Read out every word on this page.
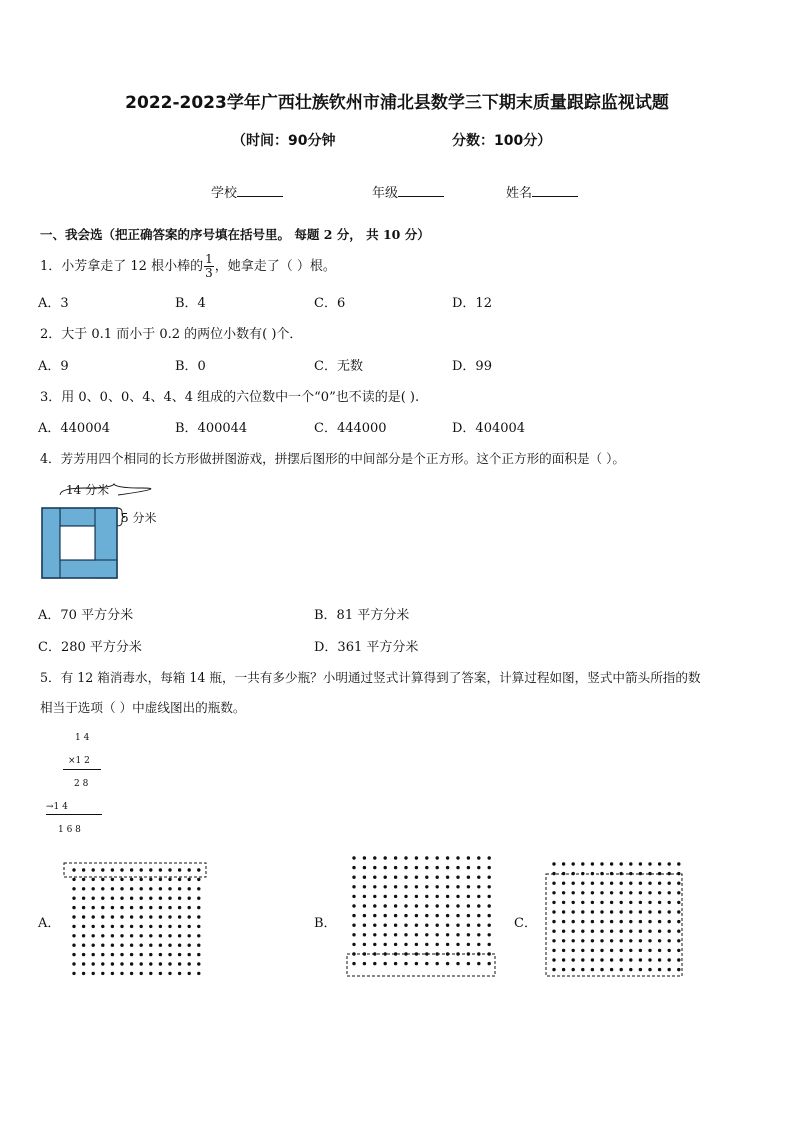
2022-2023学年广西壮族钦州市浦北县数学三下期末质量跟踪监视试题
（时间：90分钟	分数：100分）
学校	年级	姓名
一、我会选（把正确答案的序号填在括号里。 每题 2 分， 共 10 分）
1．小芳拿走了 12 根小棒的 $\frac{1}{3}$ ，她拿走了（ ）根。
A．3	B．4	C．6	D．12
2．大于 0.1 而小于 0.2 的两位小数有( )个．
A．9	B．0	C．无数	D．99
3．用 0、0、0、4、4、4 组成的六位数中一个“0”也不读的是( ).
A．440004	B．400044	C．444000	D．404004
4．芳芳用四个相同的长方形做拼图游戏，拼摆后图形的中间部分是个正方形。这个正方形的面积是（ ）。
14 分米
5 分米
A．70 平方分米	B．81 平方分米
C．280 平方分米	D．361 平方分米
5．有 12 箱消毒水，每箱 14 瓶，一共有多少瓶？小明通过竖式计算得到了答案，计算过程如图，竖式中箭头所指的数
相当于选项（ ）中虚线图出的瓶数。
1 4
×1 2
2 8
→1 4
1 6 8
A．	B．	C．
